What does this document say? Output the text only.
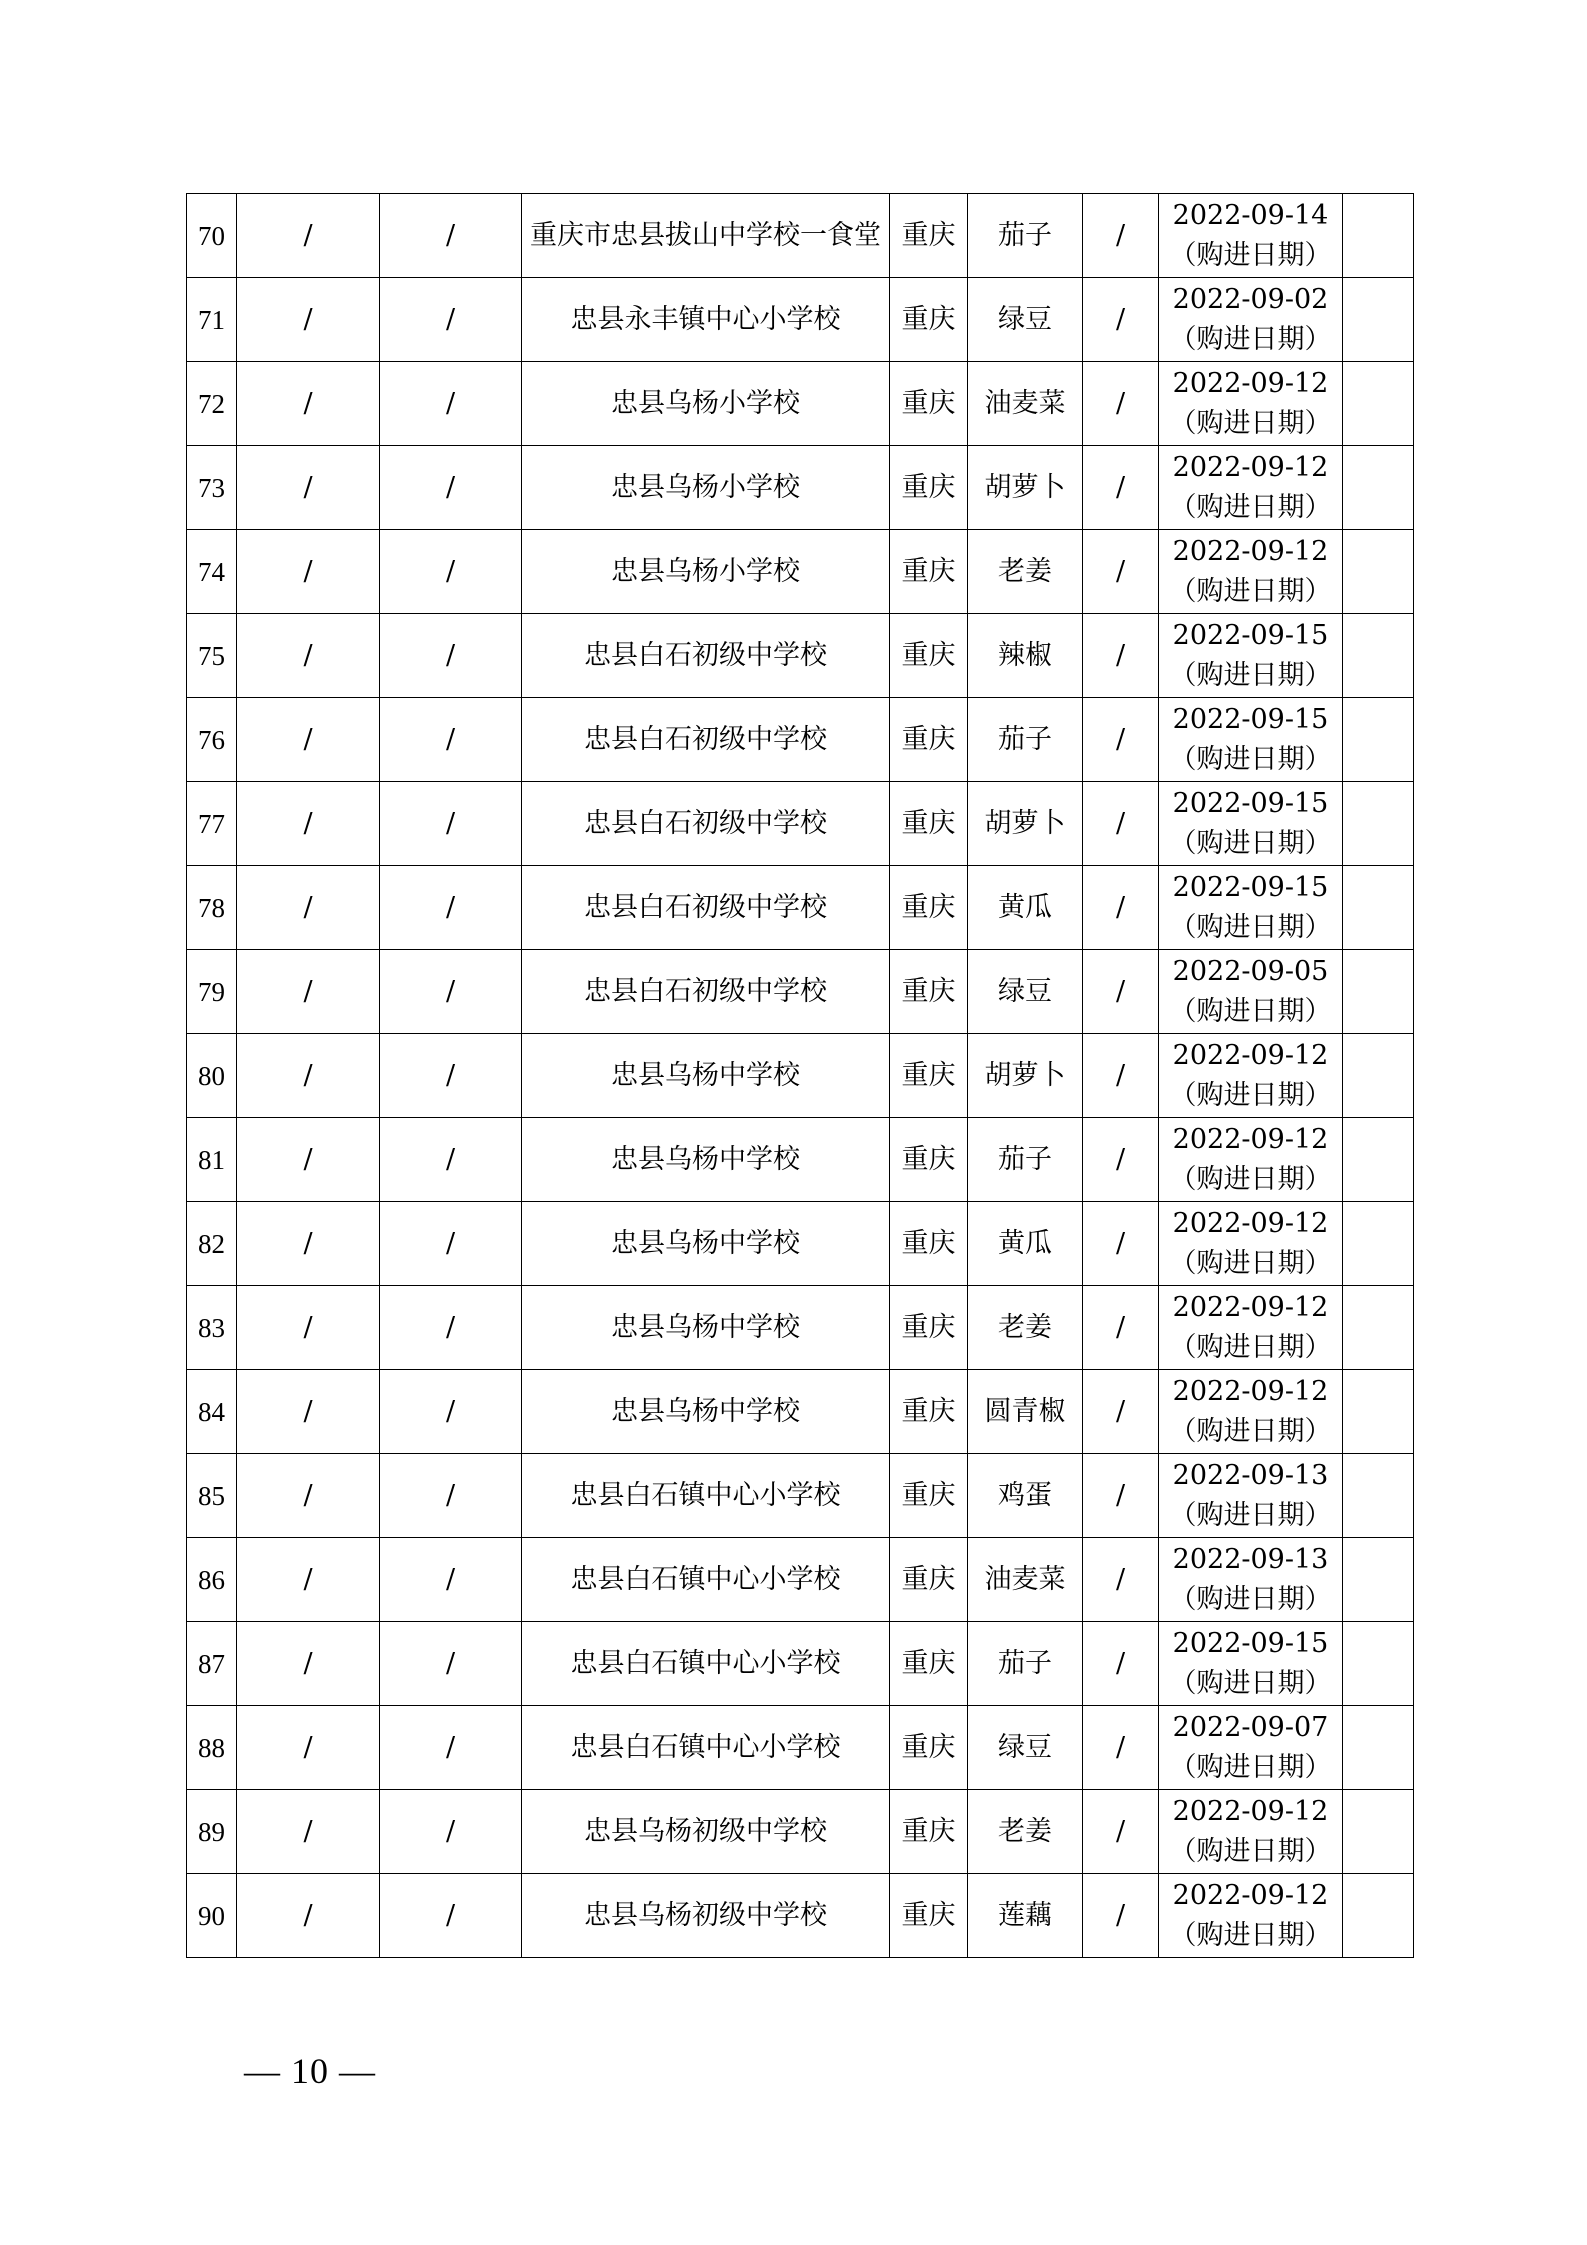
70	/	/	重庆市忠县拔山中学校一食堂	重庆	茄子	/	2022-09-14
（购进日期）	

71	/	/	忠县永丰镇中心小学校	重庆	绿豆	/	2022-09-02
（购进日期）	

72	/	/	忠县乌杨小学校	重庆	油麦菜	/	2022-09-12
（购进日期）	

73	/	/	忠县乌杨小学校	重庆	胡萝卜	/	2022-09-12
（购进日期）	

74	/	/	忠县乌杨小学校	重庆	老姜	/	2022-09-12
（购进日期）	

75	/	/	忠县白石初级中学校	重庆	辣椒	/	2022-09-15
（购进日期）	

76	/	/	忠县白石初级中学校	重庆	茄子	/	2022-09-15
（购进日期）	

77	/	/	忠县白石初级中学校	重庆	胡萝卜	/	2022-09-15
（购进日期）	

78	/	/	忠县白石初级中学校	重庆	黄瓜	/	2022-09-15
（购进日期）	

79	/	/	忠县白石初级中学校	重庆	绿豆	/	2022-09-05
（购进日期）	

80	/	/	忠县乌杨中学校	重庆	胡萝卜	/	2022-09-12
（购进日期）	

81	/	/	忠县乌杨中学校	重庆	茄子	/	2022-09-12
（购进日期）	

82	/	/	忠县乌杨中学校	重庆	黄瓜	/	2022-09-12
（购进日期）	

83	/	/	忠县乌杨中学校	重庆	老姜	/	2022-09-12
（购进日期）	

84	/	/	忠县乌杨中学校	重庆	圆青椒	/	2022-09-12
（购进日期）	

85	/	/	忠县白石镇中心小学校	重庆	鸡蛋	/	2022-09-13
（购进日期）	

86	/	/	忠县白石镇中心小学校	重庆	油麦菜	/	2022-09-13
（购进日期）	

87	/	/	忠县白石镇中心小学校	重庆	茄子	/	2022-09-15
（购进日期）	

88	/	/	忠县白石镇中心小学校	重庆	绿豆	/	2022-09-07
（购进日期）	

89	/	/	忠县乌杨初级中学校	重庆	老姜	/	2022-09-12
（购进日期）	

90	/	/	忠县乌杨初级中学校	重庆	莲藕	/	2022-09-12
（购进日期）	

— 10 —
